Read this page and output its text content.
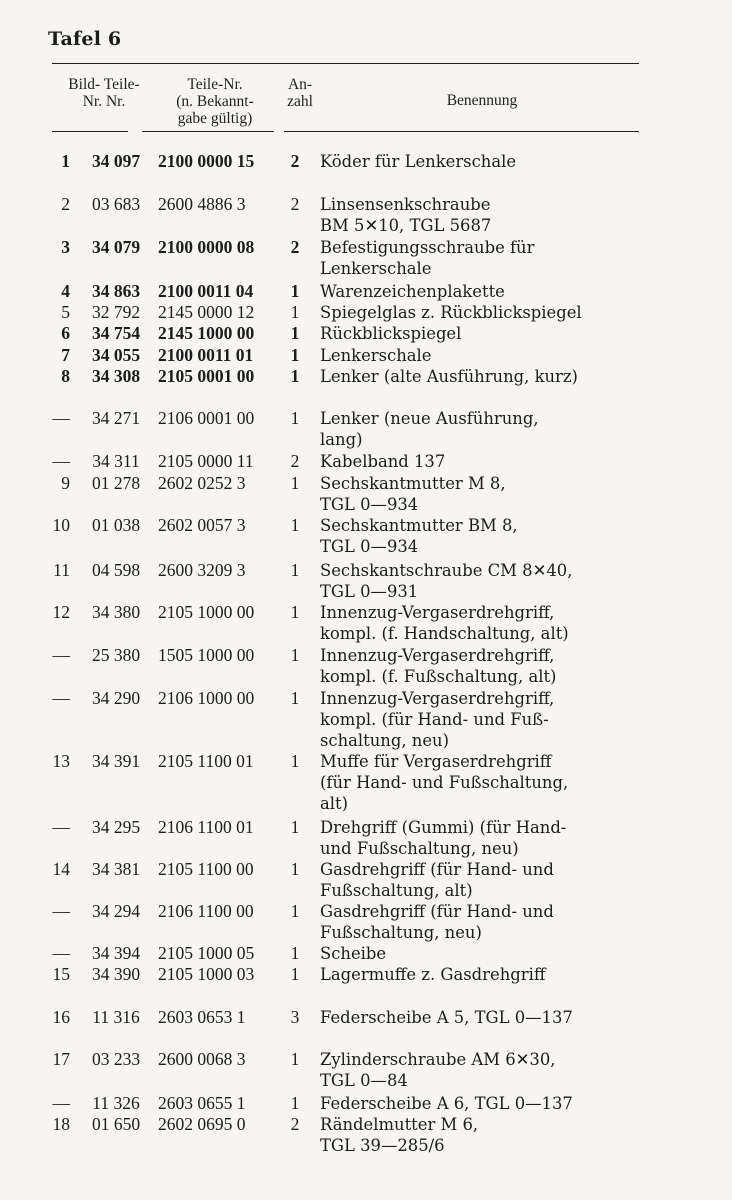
Tafel 6
Bild- Teile-
Nr. Nr.
Teile-Nr.
(n. Bekannt-
gabe gültig)
An-
zahl	Benennung
1	34 097	2100 0000 15	2 Köder für Lenkerschale
2	03 683	2600 4886 3	2 Linsensenkschraube
BM 5✕10, TGL 5687
3	34 079	2100 0000 08	2 Befestigungsschraube für
Lenkerschale
4	34 863	2100 0011 04	1 Warenzeichenplakette
5	32 792	2145 0000 12	1 Spiegelglas z. Rückblickspiegel
6	34 754	2145 1000 00	1 Rückblickspiegel
7	34 055	2100 0011 01	1 Lenkerschale
8	34 308	2105 0001 00	1 Lenker (alte Ausführung, kurz)
—	34 271	2106 0001 00	1 Lenker (neue Ausführung,
lang)
—	34 311	2105 0000 11	2 Kabelband 137
9	01 278	2602 0252 3	1 Sechskantmutter M 8,
TGL 0—934
10	01 038	2602 0057 3	1 Sechskantmutter BM 8,
TGL 0—934
11	04 598	2600 3209 3	1 Sechskantschraube CM 8✕40,
TGL 0—931
12	34 380	2105 1000 00	1 Innenzug-Vergaserdrehgriff,
kompl. (f. Handschaltung, alt)
—	25 380	1505 1000 00	1 Innenzug-Vergaserdrehgriff,
kompl. (f. Fußschaltung, alt)
—	34 290	2106 1000 00	1 Innenzug-Vergaserdrehgriff,
kompl. (für Hand- und Fuß-
schaltung, neu)
13	34 391	2105 1100 01	1 Muffe für Vergaserdrehgriff
(für Hand- und Fußschaltung,
alt)
—	34 295	2106 1100 01	1 Drehgriff (Gummi) (für Hand-
und Fußschaltung, neu)
14	34 381	2105 1100 00	1 Gasdrehgriff (für Hand- und
Fußschaltung, alt)
—	34 294	2106 1100 00	1 Gasdrehgriff (für Hand- und
Fußschaltung, neu)
—	34 394	2105 1000 05	1 Scheibe
15	34 390	2105 1000 03	1 Lagermuffe z. Gasdrehgriff
16	11 316	2603 0653 1	3 Federscheibe A 5, TGL 0—137
17	03 233	2600 0068 3	1 Zylinderschraube AM 6✕30,
TGL 0—84
—	11 326	2603 0655 1	1 Federscheibe A 6, TGL 0—137
18	01 650	2602 0695 0	2 Rändelmutter M 6,
TGL 39—285/6
